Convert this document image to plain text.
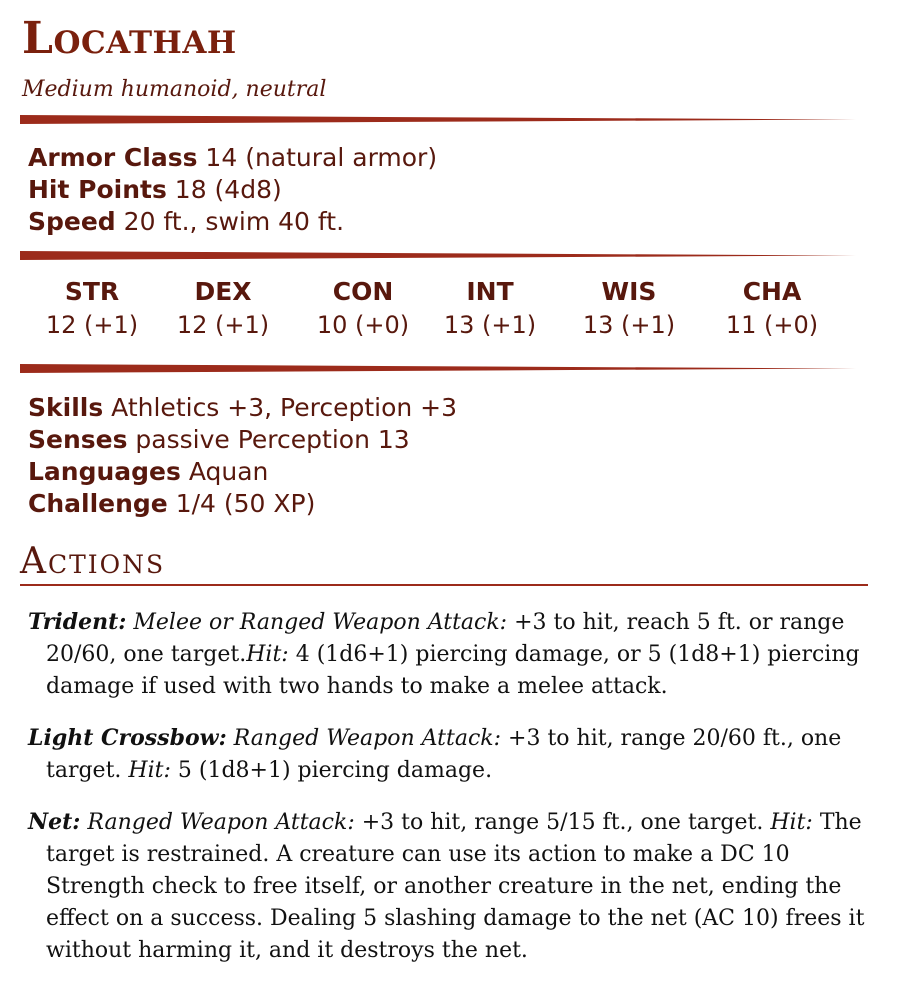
Locathah
Medium humanoid, neutral
Armor Class 14 (natural armor)
Hit Points 18 (4d8)
Speed 20 ft., swim 40 ft.
STR
12 (+1)
DEX
12 (+1)
CON
10 (+0)
INT
13 (+1)
WIS
13 (+1)
CHA
11 (+0)
Skills Athletics +3, Perception +3
Senses passive Perception 13
Languages Aquan
Challenge 1/4 (50 XP)
Actions
Trident: Melee or Ranged Weapon Attack: +3 to hit, reach 5 ft. or range 20/60, one target.Hit: 4 (1d6+1) piercing damage, or 5 (1d8+1) piercing damage if used with two hands to make a melee attack.
Light Crossbow: Ranged Weapon Attack: +3 to hit, range 20/60 ft., one target. Hit: 5 (1d8+1) piercing damage.
Net: Ranged Weapon Attack: +3 to hit, range 5/15 ft., one target. Hit: The target is restrained. A creature can use its action to make a DC 10 Strength check to free itself, or another creature in the net, ending the effect on a success. Dealing 5 slashing damage to the net (AC 10) frees it without harming it, and it destroys the net.
